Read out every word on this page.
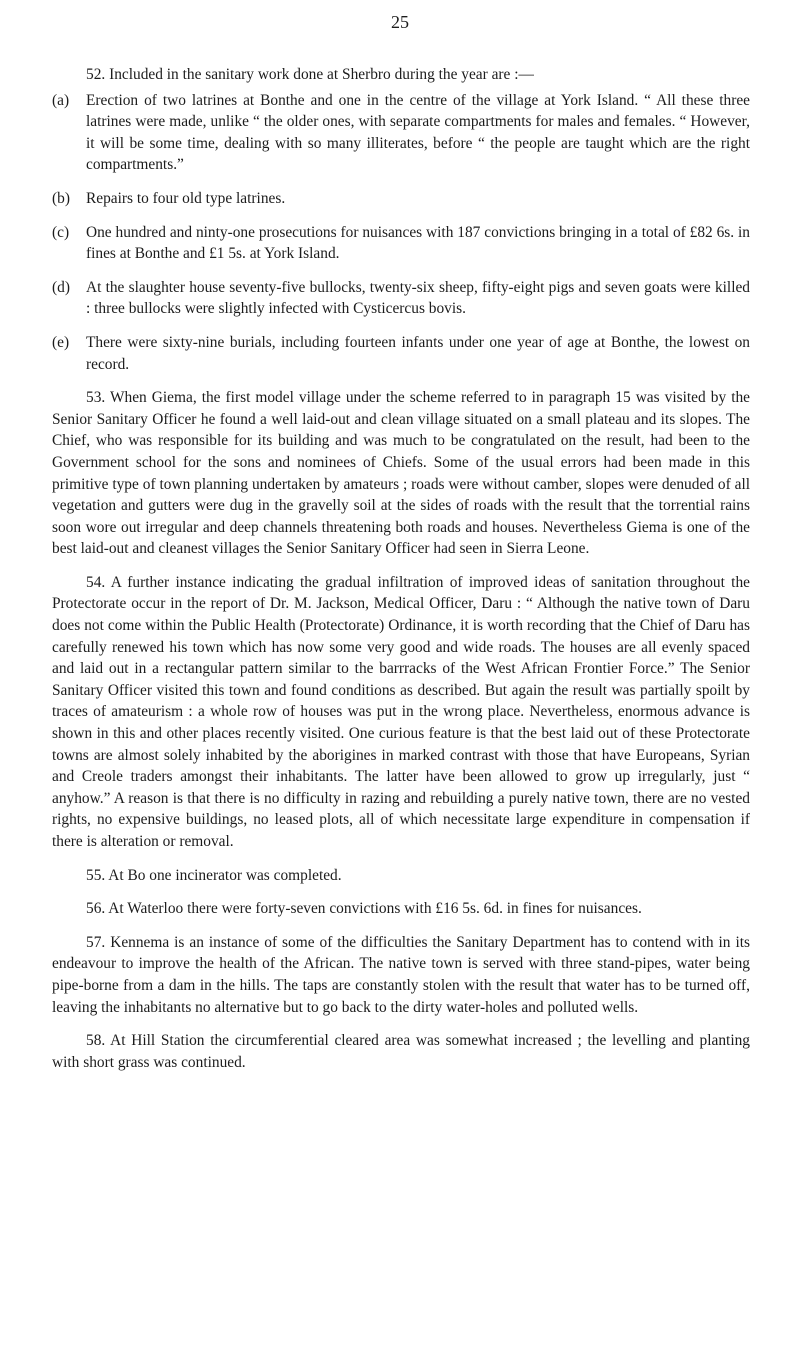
25

52. Included in the sanitary work done at Sherbro during the year are :—

(a)	Erection of two latrines at Bonthe and one in the centre of the village at York Island. “ All these three latrines were made, unlike “ the older ones, with separate compartments for males and females. “ However, it will be some time, dealing with so many illiterates, before “ the people are taught which are the right compartments.”
(b)	Repairs to four old type latrines.
(c)	One hundred and ninty-one prosecutions for nuisances with 187 convictions bringing in a total of £82 6s. in fines at Bonthe and £1 5s. at York Island.
(d)	At the slaughter house seventy-five bullocks, twenty-six sheep, fifty-eight pigs and seven goats were killed : three bullocks were slightly infected with Cysticercus bovis.
(e)	There were sixty-nine burials, including fourteen infants under one year of age at Bonthe, the lowest on record.

53. When Giema, the first model village under the scheme referred to in paragraph 15 was visited by the Senior Sanitary Officer he found a well laid-out and clean village situated on a small plateau and its slopes. The Chief, who was responsible for its building and was much to be congratulated on the result, had been to the Government school for the sons and nominees of Chiefs. Some of the usual errors had been made in this primitive type of town planning undertaken by amateurs ; roads were without camber, slopes were denuded of all vegetation and gutters were dug in the gravelly soil at the sides of roads with the result that the torrential rains soon wore out irregular and deep channels threatening both roads and houses. Nevertheless Giema is one of the best laid-out and cleanest villages the Senior Sanitary Officer had seen in Sierra Leone.

54. A further instance indicating the gradual infiltration of improved ideas of sanitation throughout the Protectorate occur in the report of Dr. M. Jackson, Medical Officer, Daru : “ Although the native town of Daru does not come within the Public Health (Protectorate) Ordinance, it is worth recording that the Chief of Daru has carefully renewed his town which has now some very good and wide roads. The houses are all evenly spaced and laid out in a rectangular pattern similar to the barrracks of the West African Frontier Force.” The Senior Sanitary Officer visited this town and found conditions as described. But again the result was partially spoilt by traces of amateurism : a whole row of houses was put in the wrong place. Nevertheless, enormous advance is shown in this and other places recently visited. One curious feature is that the best laid out of these Protectorate towns are almost solely inhabited by the aborigines in marked contrast with those that have Europeans, Syrian and Creole traders amongst their inhabitants. The latter have been allowed to grow up irregularly, just “ anyhow.” A reason is that there is no difficulty in razing and rebuilding a purely native town, there are no vested rights, no expensive buildings, no leased plots, all of which necessitate large expenditure in compensation if there is alteration or removal.

55. At Bo one incinerator was completed.

56. At Waterloo there were forty-seven convictions with £16 5s. 6d. in fines for nuisances.

57. Kennema is an instance of some of the difficulties the Sanitary Department has to contend with in its endeavour to improve the health of the African. The native town is served with three stand-pipes, water being pipe-borne from a dam in the hills. The taps are constantly stolen with the result that water has to be turned off, leaving the inhabitants no alternative but to go back to the dirty water-holes and polluted wells.

58. At Hill Station the circumferential cleared area was somewhat increased ; the levelling and planting with short grass was continued.
